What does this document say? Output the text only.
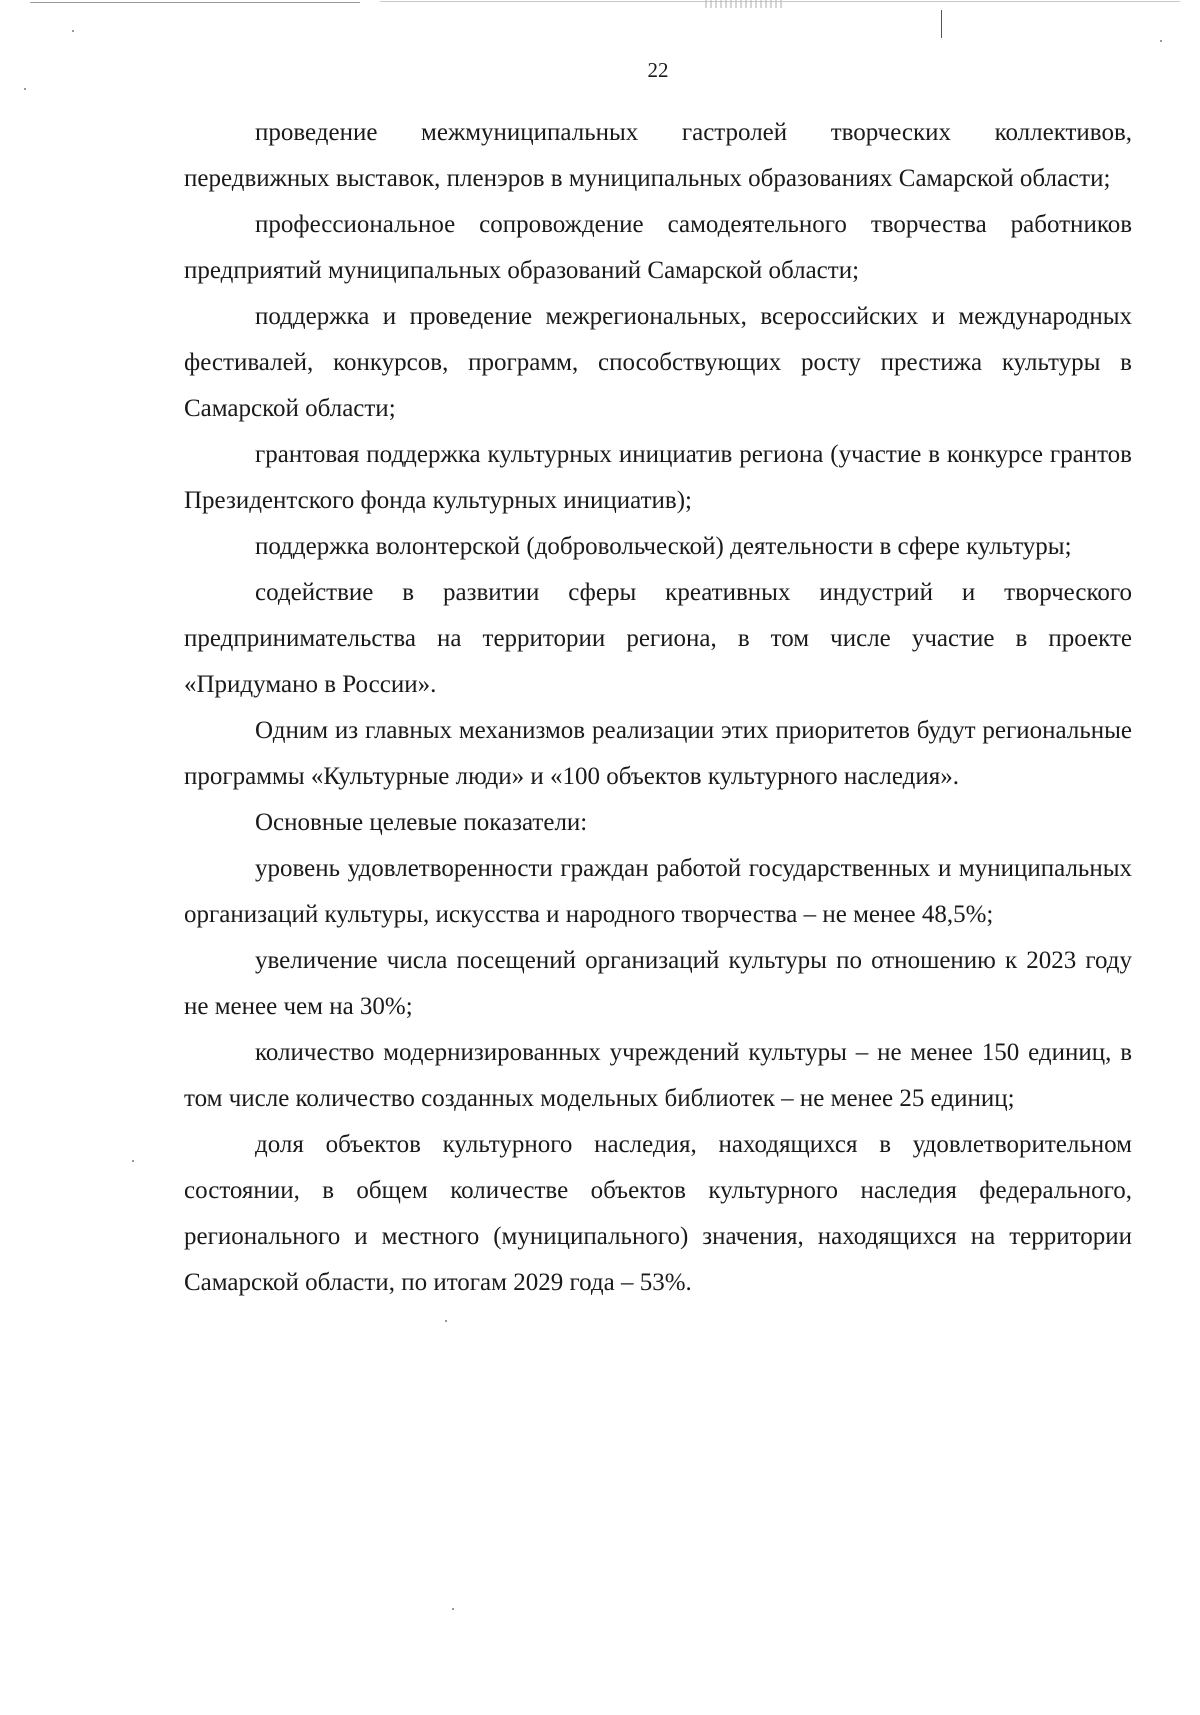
22

проведение межмуниципальных гастролей творческих коллективов, передвижных выставок, пленэров в муниципальных образованиях Самарской области;

профессиональное сопровождение самодеятельного творчества работников предприятий муниципальных образований Самарской области;

поддержка и проведение межрегиональных, всероссийских и международных фестивалей, конкурсов, программ, способствующих росту престижа культуры в Самарской области;

грантовая поддержка культурных инициатив региона (участие в конкурсе грантов Президентского фонда культурных инициатив);

поддержка волонтерской (добровольческой) деятельности в сфере культуры;

содействие в развитии сферы креативных индустрий и творческого предпринимательства на территории региона, в том числе участие в проекте «Придумано в России».

Одним из главных механизмов реализации этих приоритетов будут региональные программы «Культурные люди» и «100 объектов культурного наследия».

Основные целевые показатели:

уровень удовлетворенности граждан работой государственных и муниципальных организаций культуры, искусства и народного творчества – не менее 48,5%;

увеличение числа посещений организаций культуры по отношению к 2023 году не менее чем на 30%;

количество модернизированных учреждений культуры – не менее 150 единиц, в том числе количество созданных модельных библиотек – не менее 25 единиц;

доля объектов культурного наследия, находящихся в удовлетворительном состоянии, в общем количестве объектов культурного наследия федерального, регионального и местного (муниципального) значения, находящихся на территории Самарской области, по итогам 2029 года – 53%.
